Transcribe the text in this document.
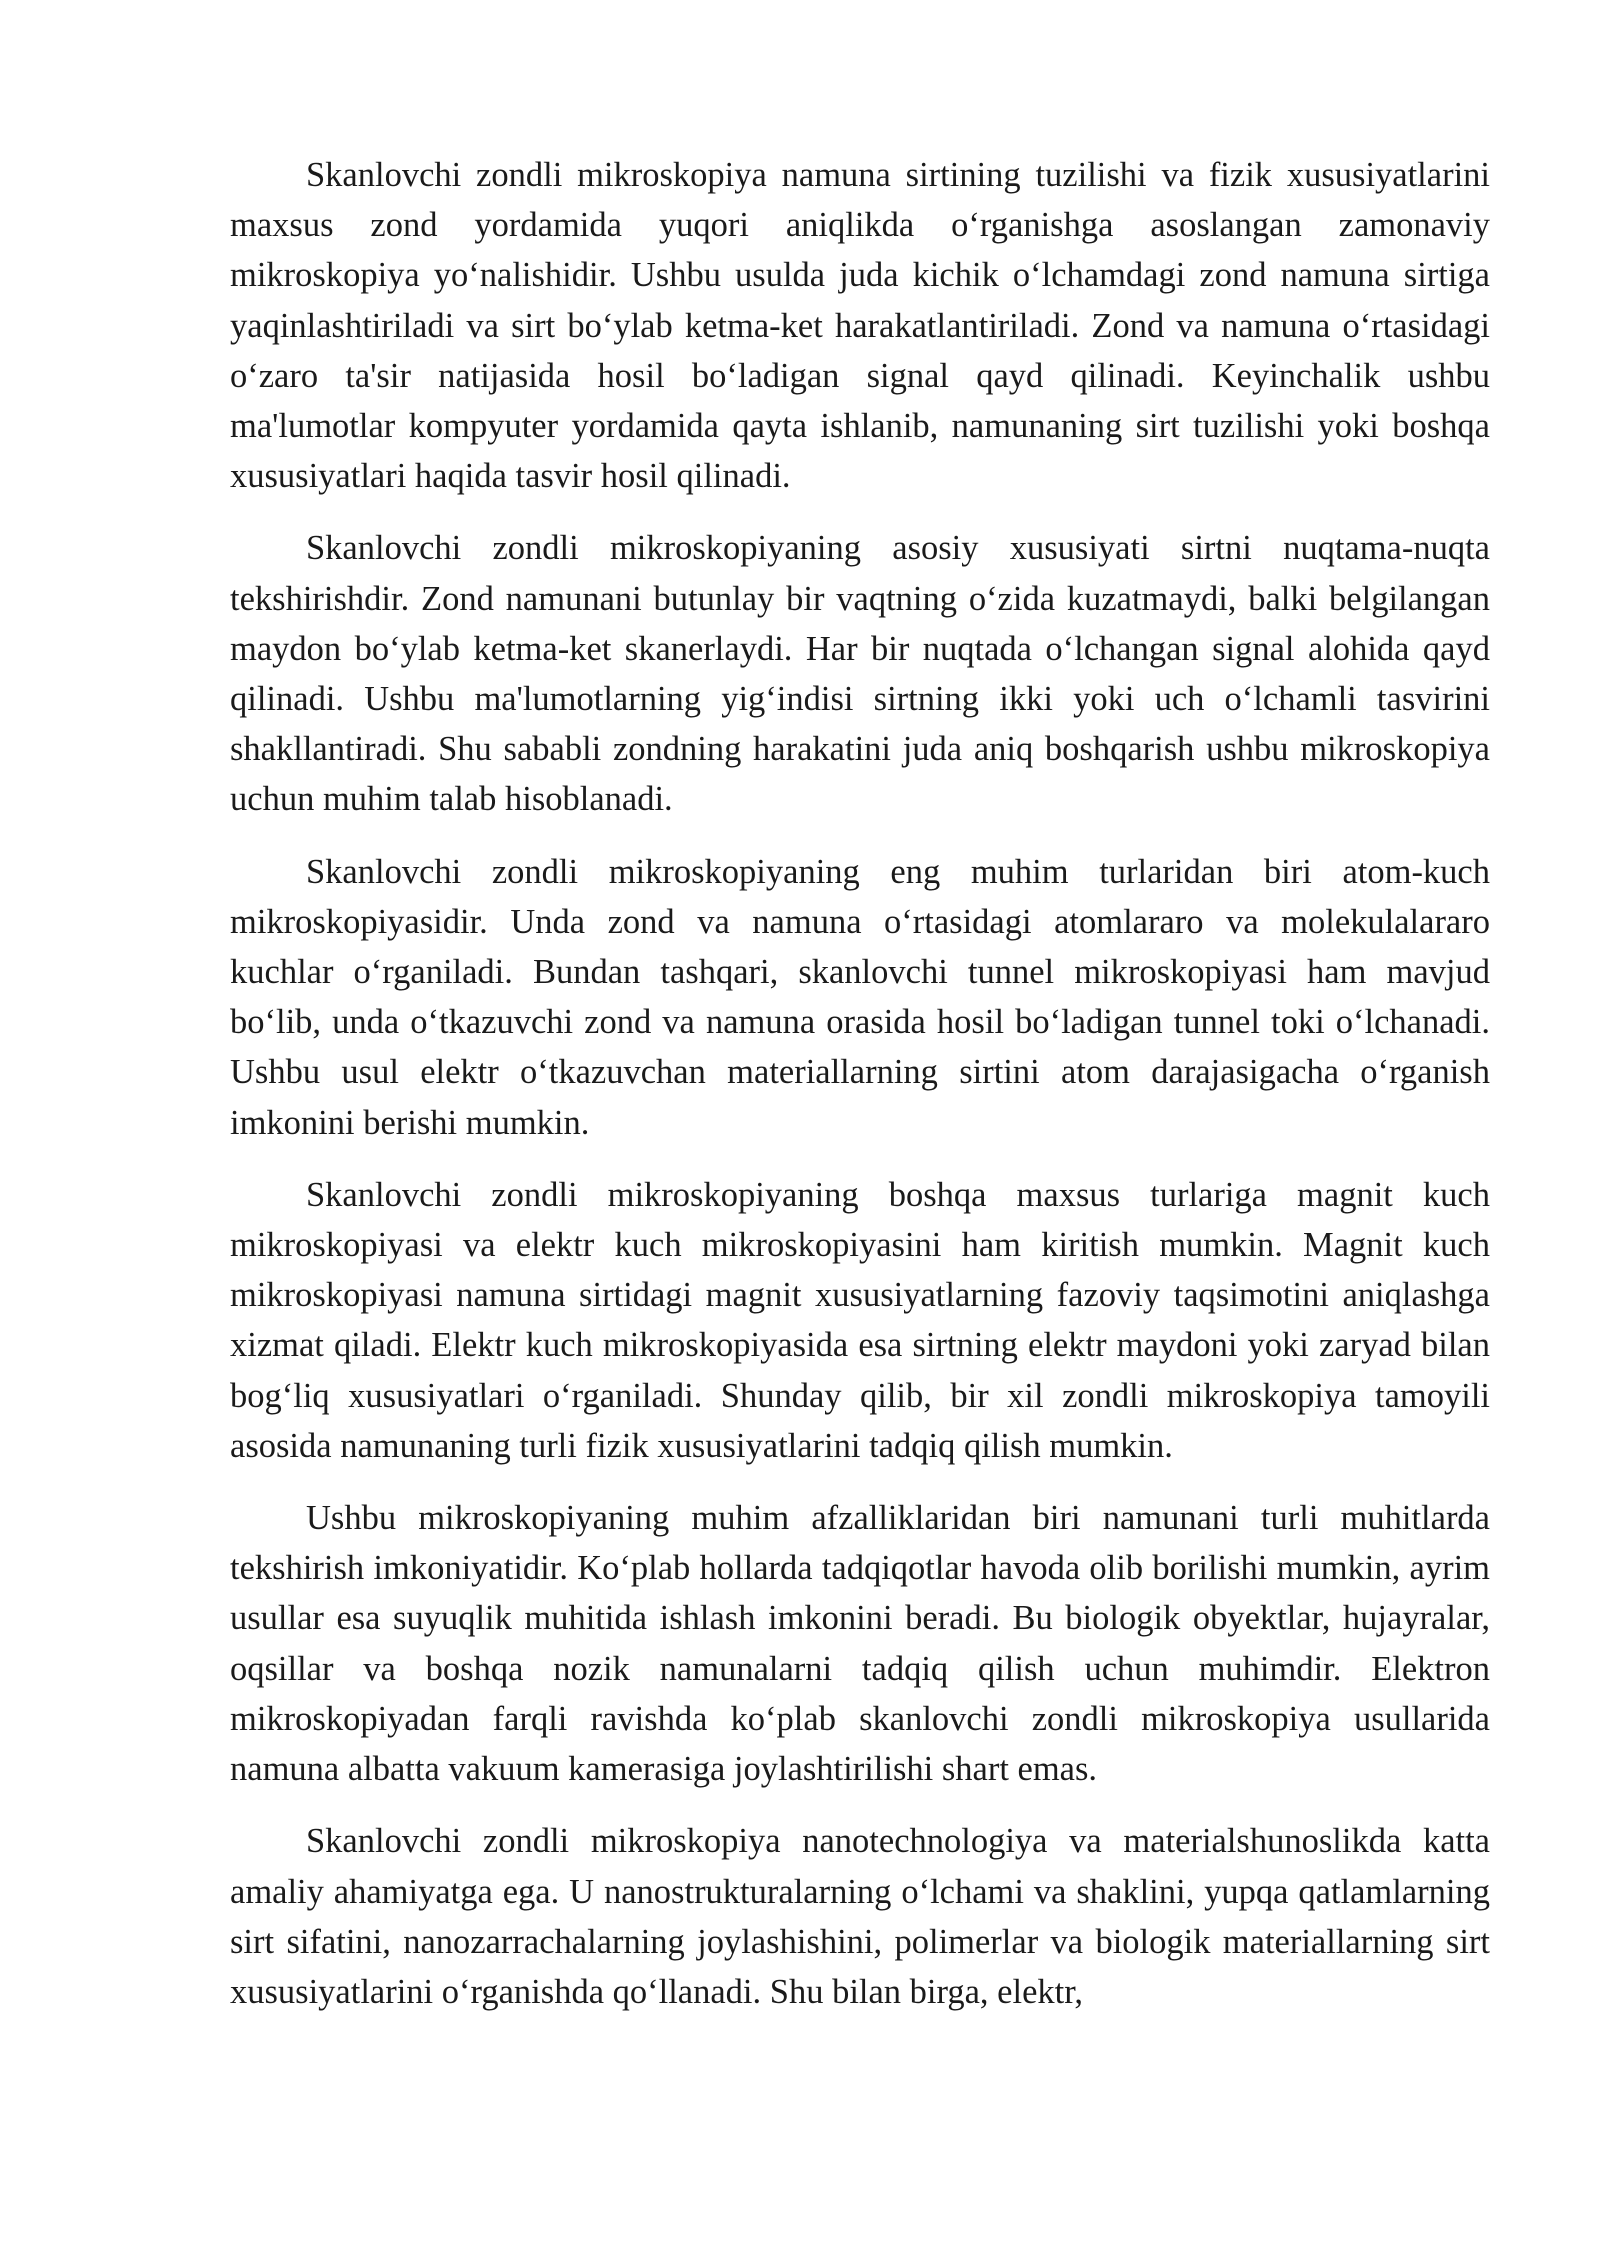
Skanlovchi zondli mikroskopiya namuna sirtining tuzilishi va fizik xususiyatlarini maxsus zond yordamida yuqori aniqlikda o‘rganishga asoslangan zamonaviy mikroskopiya yo‘nalishidir. Ushbu usulda juda kichik o‘lchamdagi zond namuna sirtiga yaqinlashtiriladi va sirt bo‘ylab ketma-ket harakatlantiriladi. Zond va namuna o‘rtasidagi o‘zaro ta'sir natijasida hosil bo‘ladigan signal qayd qilinadi. Keyinchalik ushbu ma'lumotlar kompyuter yordamida qayta ishlanib, namunaning sirt tuzilishi yoki boshqa xususiyatlari haqida tasvir hosil qilinadi.

Skanlovchi zondli mikroskopiyaning asosiy xususiyati sirtni nuqtama-nuqta tekshirishdir. Zond namunani butunlay bir vaqtning o‘zida kuzatmaydi, balki belgilangan maydon bo‘ylab ketma-ket skanerlaydi. Har bir nuqtada o‘lchangan signal alohida qayd qilinadi. Ushbu ma'lumotlarning yig‘indisi sirtning ikki yoki uch o‘lchamli tasvirini shakllantiradi. Shu sababli zondning harakatini juda aniq boshqarish ushbu mikroskopiya uchun muhim talab hisoblanadi.

Skanlovchi zondli mikroskopiyaning eng muhim turlaridan biri atom-kuch mikroskopiyasidir. Unda zond va namuna o‘rtasidagi atomlararo va molekulalararo kuchlar o‘rganiladi. Bundan tashqari, skanlovchi tunnel mikroskopiyasi ham mavjud bo‘lib, unda o‘tkazuvchi zond va namuna orasida hosil bo‘ladigan tunnel toki o‘lchanadi. Ushbu usul elektr o‘tkazuvchan materiallarning sirtini atom darajasigacha o‘rganish imkonini berishi mumkin.

Skanlovchi zondli mikroskopiyaning boshqa maxsus turlariga magnit kuch mikroskopiyasi va elektr kuch mikroskopiyasini ham kiritish mumkin. Magnit kuch mikroskopiyasi namuna sirtidagi magnit xususiyatlarning fazoviy taqsimotini aniqlashga xizmat qiladi. Elektr kuch mikroskopiyasida esa sirtning elektr maydoni yoki zaryad bilan bog‘liq xususiyatlari o‘rganiladi. Shunday qilib, bir xil zondli mikroskopiya tamoyili asosida namunaning turli fizik xususiyatlarini tadqiq qilish mumkin.

Ushbu mikroskopiyaning muhim afzalliklaridan biri namunani turli muhitlarda tekshirish imkoniyatidir. Ko‘plab hollarda tadqiqotlar havoda olib borilishi mumkin, ayrim usullar esa suyuqlik muhitida ishlash imkonini beradi. Bu biologik obyektlar, hujayralar, oqsillar va boshqa nozik namunalarni tadqiq qilish uchun muhimdir. Elektron mikroskopiyadan farqli ravishda ko‘plab skanlovchi zondli mikroskopiya usullarida namuna albatta vakuum kamerasiga joylashtirilishi shart emas.

Skanlovchi zondli mikroskopiya nanotechnologiya va materialshunoslikda katta amaliy ahamiyatga ega. U nanostrukturalarning o‘lchami va shaklini, yupqa qatlamlarning sirt sifatini, nanozarrachalarning joylashishini, polimerlar va biologik materiallarning sirt xususiyatlarini o‘rganishda qo‘llanadi. Shu bilan birga, elektr,
